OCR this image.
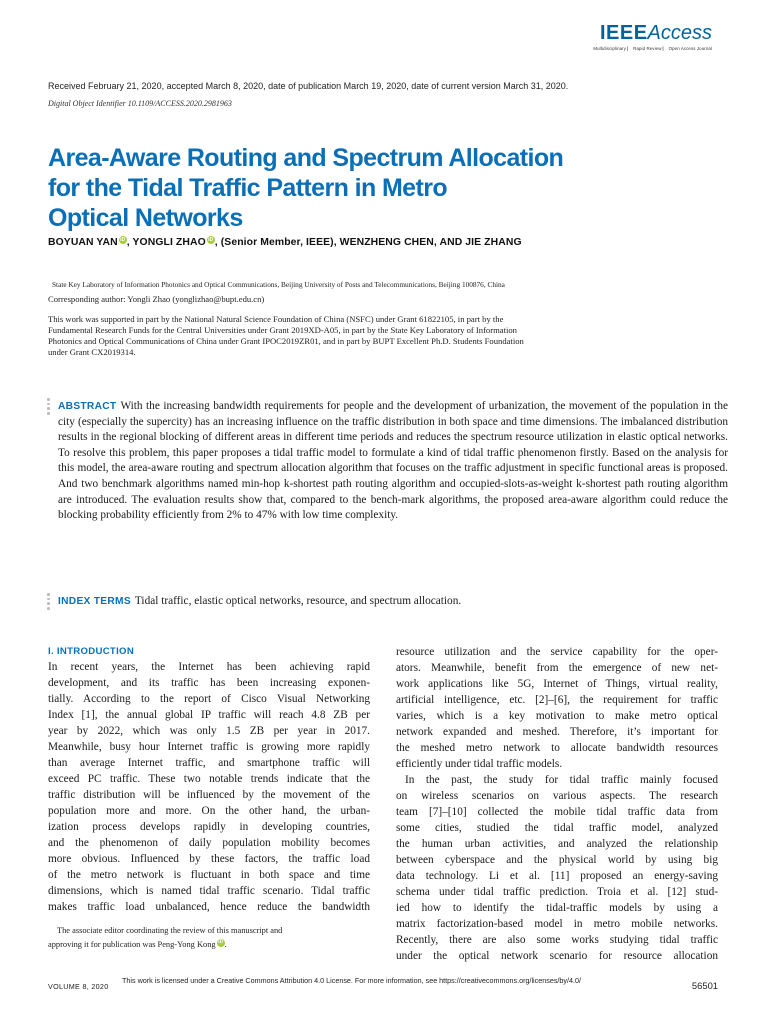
IEEEAccess
Multidisciplinary ⎸ Rapid Review ⎸ Open Access Journal
Received February 21, 2020, accepted March 8, 2020, date of publication March 19, 2020, date of current version March 31, 2020.
Digital Object Identifier 10.1109/ACCESS.2020.2981963
Area-Aware Routing and Spectrum Allocation
for the Tidal Traffic Pattern in Metro
Optical Networks
BOYUAN YAN iD, YONGLI ZHAO iD, (Senior Member, IEEE), WENZHENG CHEN, AND JIE ZHANG
State Key Laboratory of Information Photonics and Optical Communications, Beijing University of Posts and Telecommunications, Beijing 100876, China
Corresponding author: Yongli Zhao (yonglizhao@bupt.edu.cn)
This work was supported in part by the National Natural Science Foundation of China (NSFC) under Grant 61822105, in part by the
Fundamental Research Funds for the Central Universities under Grant 2019XD-A05, in part by the State Key Laboratory of Information
Photonics and Optical Communications of China under Grant IPOC2019ZR01, and in part by BUPT Excellent Ph.D. Students Foundation
under Grant CX2019314.
ABSTRACT With the increasing bandwidth requirements for people and the development of urbanization, the movement of the population in the city (especially the supercity) has an increasing influence on the traffic distribution in both space and time dimensions. The imbalanced distribution results in the regional blocking of different areas in different time periods and reduces the spectrum resource utilization in elastic optical networks. To resolve this problem, this paper proposes a tidal traffic model to formulate a kind of tidal traffic phenomenon firstly. Based on the analysis for this model, the area-aware routing and spectrum allocation algorithm that focuses on the traffic adjustment in specific functional areas is proposed. And two benchmark algorithms named min-hop k-shortest path routing algorithm and occupied-slots-as-weight k-shortest path routing algorithm are introduced. The evaluation results show that, compared to the bench-mark algorithms, the proposed area-aware algorithm could reduce the blocking probability efficiently from 2% to 47% with low time complexity.
INDEX TERMS Tidal traffic, elastic optical networks, resource, and spectrum allocation.
I. INTRODUCTION
In recent years, the Internet has been achieving rapid
development, and its traffic has been increasing exponen-
tially. According to the report of Cisco Visual Networking
Index [1], the annual global IP traffic will reach 4.8 ZB per
year by 2022, which was only 1.5 ZB per year in 2017.
Meanwhile, busy hour Internet traffic is growing more rapidly
than average Internet traffic, and smartphone traffic will
exceed PC traffic. These two notable trends indicate that the
traffic distribution will be influenced by the movement of the
population more and more. On the other hand, the urban-
ization process develops rapidly in developing countries,
and the phenomenon of daily population mobility becomes
more obvious. Influenced by these factors, the traffic load
of the metro network is fluctuant in both space and time
dimensions, which is named tidal traffic scenario. Tidal traffic
makes traffic load unbalanced, hence reduce the bandwidth
resource utilization and the service capability for the oper-
ators. Meanwhile, benefit from the emergence of new net-
work applications like 5G, Internet of Things, virtual reality,
artificial intelligence, etc. [2]–[6], the requirement for traffic
varies, which is a key motivation to make metro optical
network expanded and meshed. Therefore, it’s important for
the meshed metro network to allocate bandwidth resources
efficiently under tidal traffic models.
In the past, the study for tidal traffic mainly focused
on wireless scenarios on various aspects. The research
team [7]–[10] collected the mobile tidal traffic data from
some cities, studied the tidal traffic model, analyzed
the human urban activities, and analyzed the relationship
between cyberspace and the physical world by using big
data technology. Li et al. [11] proposed an energy-saving
schema under tidal traffic prediction. Troia et al. [12] stud-
ied how to identify the tidal-traffic models by using a
matrix factorization-based model in metro mobile networks.
Recently, there are also some works studying tidal traffic
under the optical network scenario for resource allocation
The associate editor coordinating the review of this manuscript and
approving it for publication was Peng-Yong Kong iD .
VOLUME 8, 2020
This work is licensed under a Creative Commons Attribution 4.0 License. For more information, see https://creativecommons.org/licenses/by/4.0/	56501
